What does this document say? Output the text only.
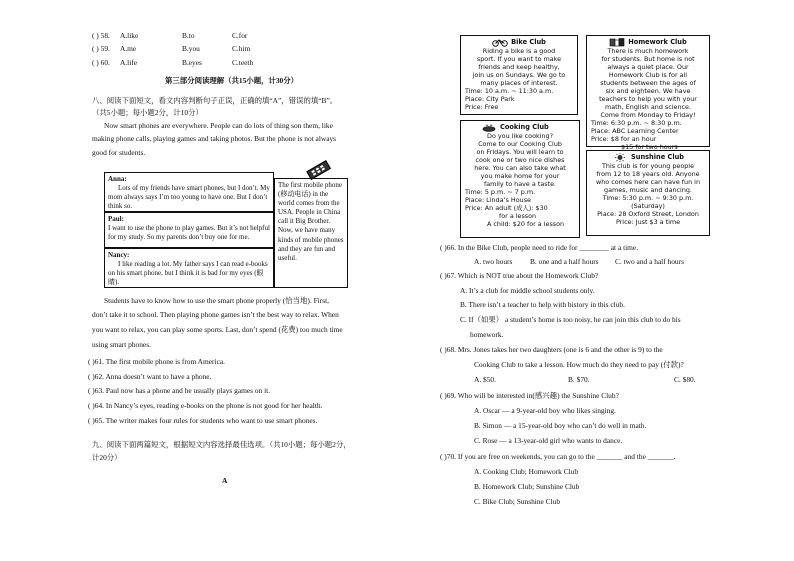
( ) 58. A.like	B.to	C.for
( ) 59. A.me	B.you	C.him
( ) 60. A.life	B.eyes	C.teeth
第三部分阅读理解（共15小题，计30分）
八、阅读下面短文，看文内容判断句子正误，正确的填“A”，错误的填“B”。
（共5小题；每小题2分，计10分）
Now smart phones are everywhere. People can do lots of thing son them, like
making phone calls, playing games and taking photos. But the phone is not always
good for students.
Anna:
Lots of my friends have smart phones, but I don’t. My mom always says I’m too young to have one. But I don’t think so.
Paul:
I want to use the phone to play games. But it’s not helpful for my study. So my parents don’t buy one for me.
Nancy:
I like reading a lot. My father says I can read e-books on his smart phone, but I think it is bad for my eyes (眼睛).
The first mobile phone (移动电话) in the world comes from the USA. People in China call it Big Brother. Now, we have many kinds of mobile phones and they are fun and useful.
Students have to know how to use the smart phone properly (恰当地). First,
don’t take it to school. Then playing phone games isn’t the best way to relax. When
you want to relax, you can play some sports. Last, don’t spend (花费) too much time
using smart phones.
( )61. The first mobile phone is from America.
( )62. Anna doesn’t want to have a phone.
( )63. Paul now has a phone and he usually plays games on it.
( )64. In Nancy’s eyes, reading e-books on the phone is not good for her health.
( )65. The writer makes four rules for students who want to use smart phones.
九、阅读下面两篇短文，根据短文内容选择最佳选项。（共10小题；每小题2分，
计20分）
A
Bike Club
Riding a bike is a good
sport. If you want to make
friends and keep healthy,
join us on Sundays. We go to
many places of interest.
Time: 10 a.m. ~ 11:30 a.m.
Place: City Park
Price: Free
Homework Club
There is much homework
for students. But home is not
always a quiet place. Our
Homework Club is for all
students between the ages of
six and eighteen. We have
teachers to help you with your
math, English and science.
Come from Monday to Friday!
Time: 6:30 p.m. ~ 8:30 p.m.
Place: ABC Learning Center
Price: $8 for an hour
$15 for two hours
Cooking Club
Do you like cooking?
Come to our Cooking Club
on Fridays. You will learn to
cook one or two nice dishes
here. You can also take what
you make home for your
family to have a taste.
Time: 5 p.m. ~ 7 p.m.
Place: Linda’s House
Price: An adult (成人): $30
for a lesson
A child: $20 for a lesson
Sunshine Club
This club is for young people
from 12 to 18 years old. Anyone
who comes here can have fun in
games, music and dancing.
Time: 5:30 p.m. ~ 9:30 p.m.
(Saturday)
Place: 28 Oxford Street, London
Price: Just $3 a time
( )66. In the Bike Club, people need to ride for ________ at a time.
A. two hours B. one and a half hours C. two and a half hours
( )67. Which is NOT true about the Homework Club?
A. It’s a club for middle school students only.
B. There isn’t a teacher to help with history in this club.
C. If（如果） a student’s home is too noisy, he can join this club to do his
homework.
( )68. Mrs. Jones takes her two daughters (one is 6 and the other is 9) to the
Cooking Club to take a lesson. How much do they need to pay (付款)?
A. $50.	B. $70.	C. $80.
( )69. Who will be interested in(感兴趣) the Sunshine Club?
A. Oscar — a 9-year-old boy who likes singing.
B. Simon — a 15-year-old boy who can’t do well in math.
C. Rose — a 13-year-old girl who wants to dance.
( )70. If you are free on weekends, you can go to the _______ and the _______.
A. Cooking Club; Homework Club
B. Homework Club; Sunshine Club
C. Bike Club; Sunshine Club
